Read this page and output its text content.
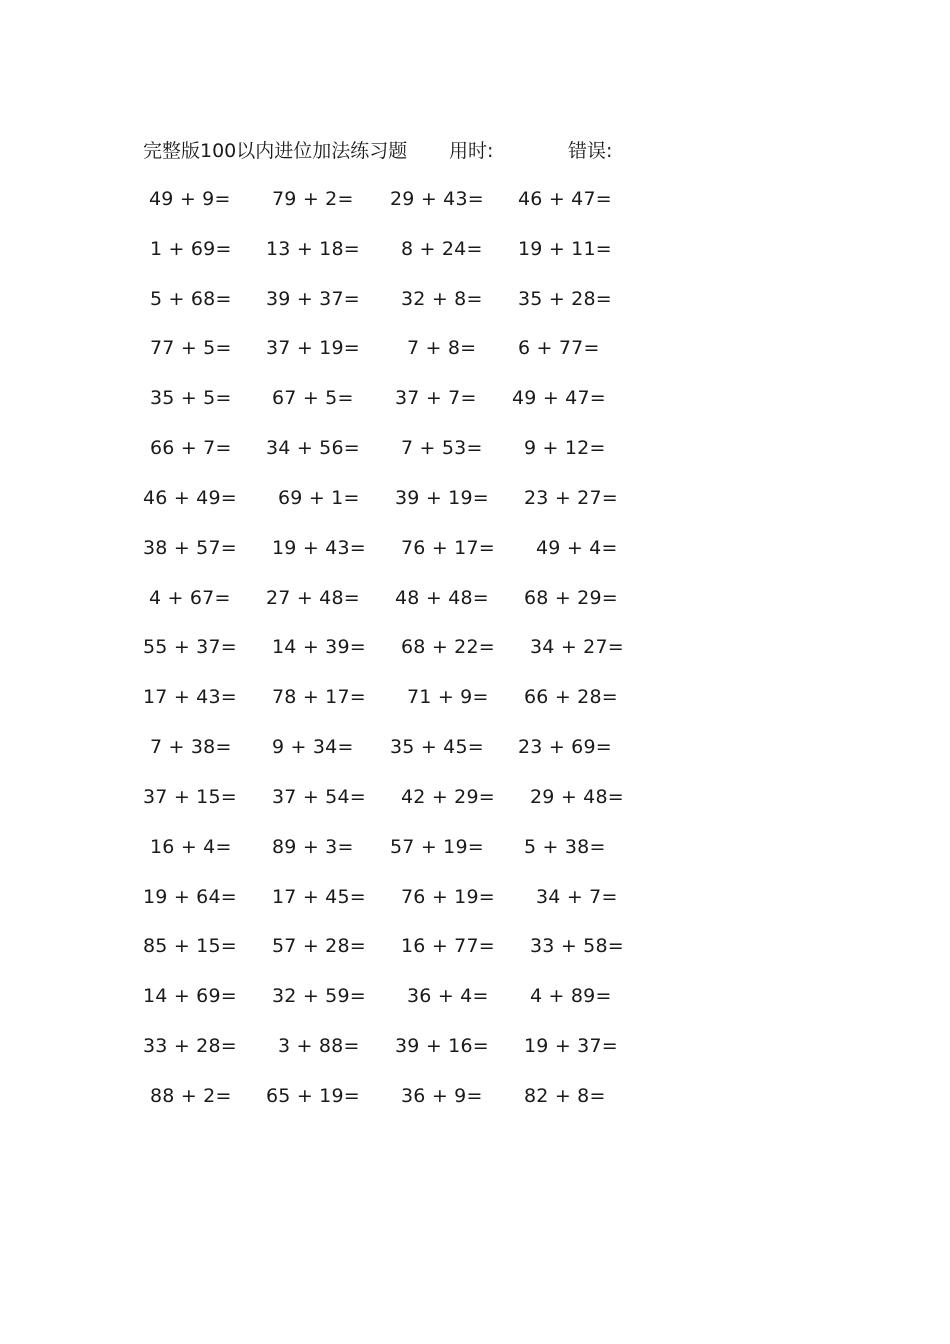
完整版100以内进位加法练习题 用时:	错误:
49 + 9= 79 + 2= 29 + 43= 46 + 47=
1 + 69= 13 + 18= 8 + 24= 19 + 11=
5 + 68= 39 + 37= 32 + 8= 35 + 28=
77 + 5= 37 + 19= 7 + 8= 6 + 77=
35 + 5= 67 + 5= 37 + 7= 49 + 47=
66 + 7= 34 + 56= 7 + 53= 9 + 12=
46 + 49= 69 + 1= 39 + 19= 23 + 27=
38 + 57= 19 + 43= 76 + 17= 49 + 4=
4 + 67= 27 + 48= 48 + 48= 68 + 29=
55 + 37= 14 + 39= 68 + 22= 34 + 27=
17 + 43= 78 + 17= 71 + 9= 66 + 28=
7 + 38= 9 + 34= 35 + 45= 23 + 69=
37 + 15= 37 + 54= 42 + 29= 29 + 48=
16 + 4= 89 + 3= 57 + 19= 5 + 38=
19 + 64= 17 + 45= 76 + 19= 34 + 7=
85 + 15= 57 + 28= 16 + 77= 33 + 58=
14 + 69= 32 + 59= 36 + 4= 4 + 89=
33 + 28= 3 + 88= 39 + 16= 19 + 37=
88 + 2= 65 + 19= 36 + 9= 82 + 8=
